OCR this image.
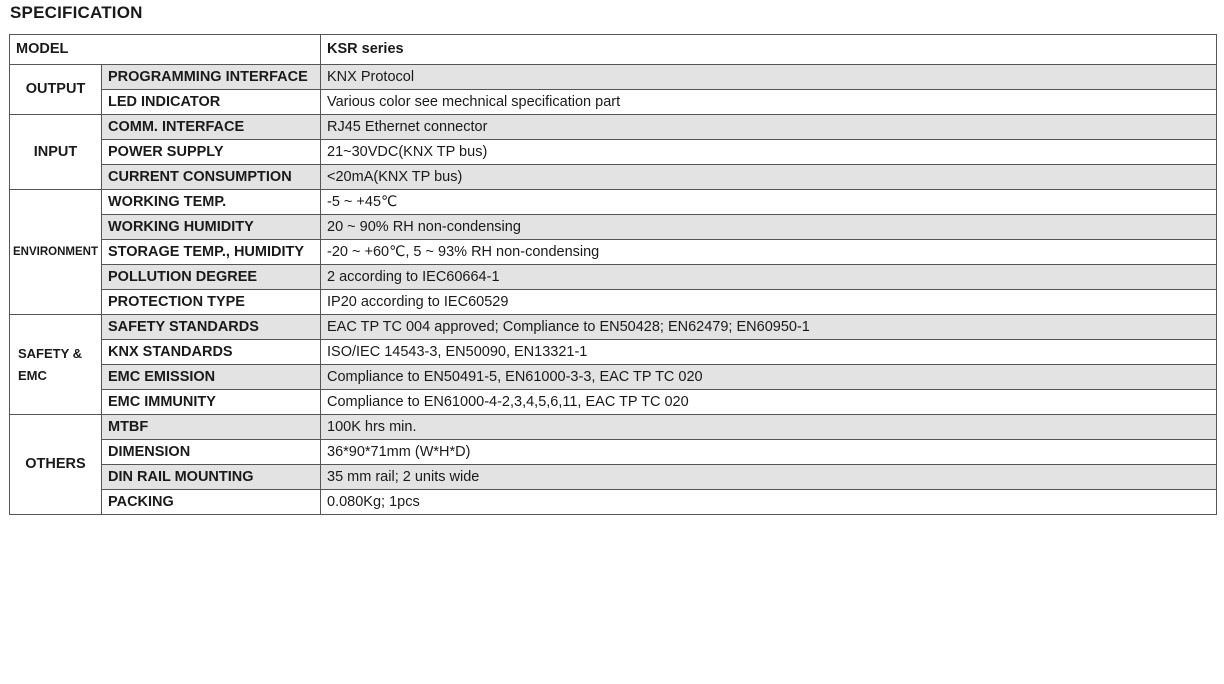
SPECIFICATION
MODEL		KSR series
OUTPUT	PROGRAMMING INTERFACE	KNX Protocol
	LED INDICATOR	Various color see mechnical specification part
INPUT	COMM. INTERFACE	RJ45 Ethernet connector
	POWER SUPPLY	21~30VDC(KNX TP bus)
	CURRENT CONSUMPTION	<20mA(KNX TP bus)
ENVIRONMENT	WORKING TEMP.	-5 ~ +45℃
	WORKING HUMIDITY	20 ~ 90% RH non-condensing
	STORAGE TEMP., HUMIDITY	-20 ~ +60℃, 5 ~ 93% RH non-condensing
	POLLUTION DEGREE	2 according to IEC60664-1
	PROTECTION TYPE	IP20 according to IEC60529
SAFETY &
EMC	SAFETY STANDARDS	EAC TP TC 004 approved; Compliance to EN50428; EN62479; EN60950-1
	KNX STANDARDS	ISO/IEC 14543-3, EN50090, EN13321-1
	EMC EMISSION	Compliance to EN50491-5, EN61000-3-3, EAC TP TC 020
	EMC IMMUNITY	Compliance to EN61000-4-2,3,4,5,6,11, EAC TP TC 020
OTHERS	MTBF	100K hrs min.
	DIMENSION	36*90*71mm (W*H*D)
	DIN RAIL MOUNTING	35 mm rail; 2 units wide
	PACKING	0.080Kg; 1pcs
